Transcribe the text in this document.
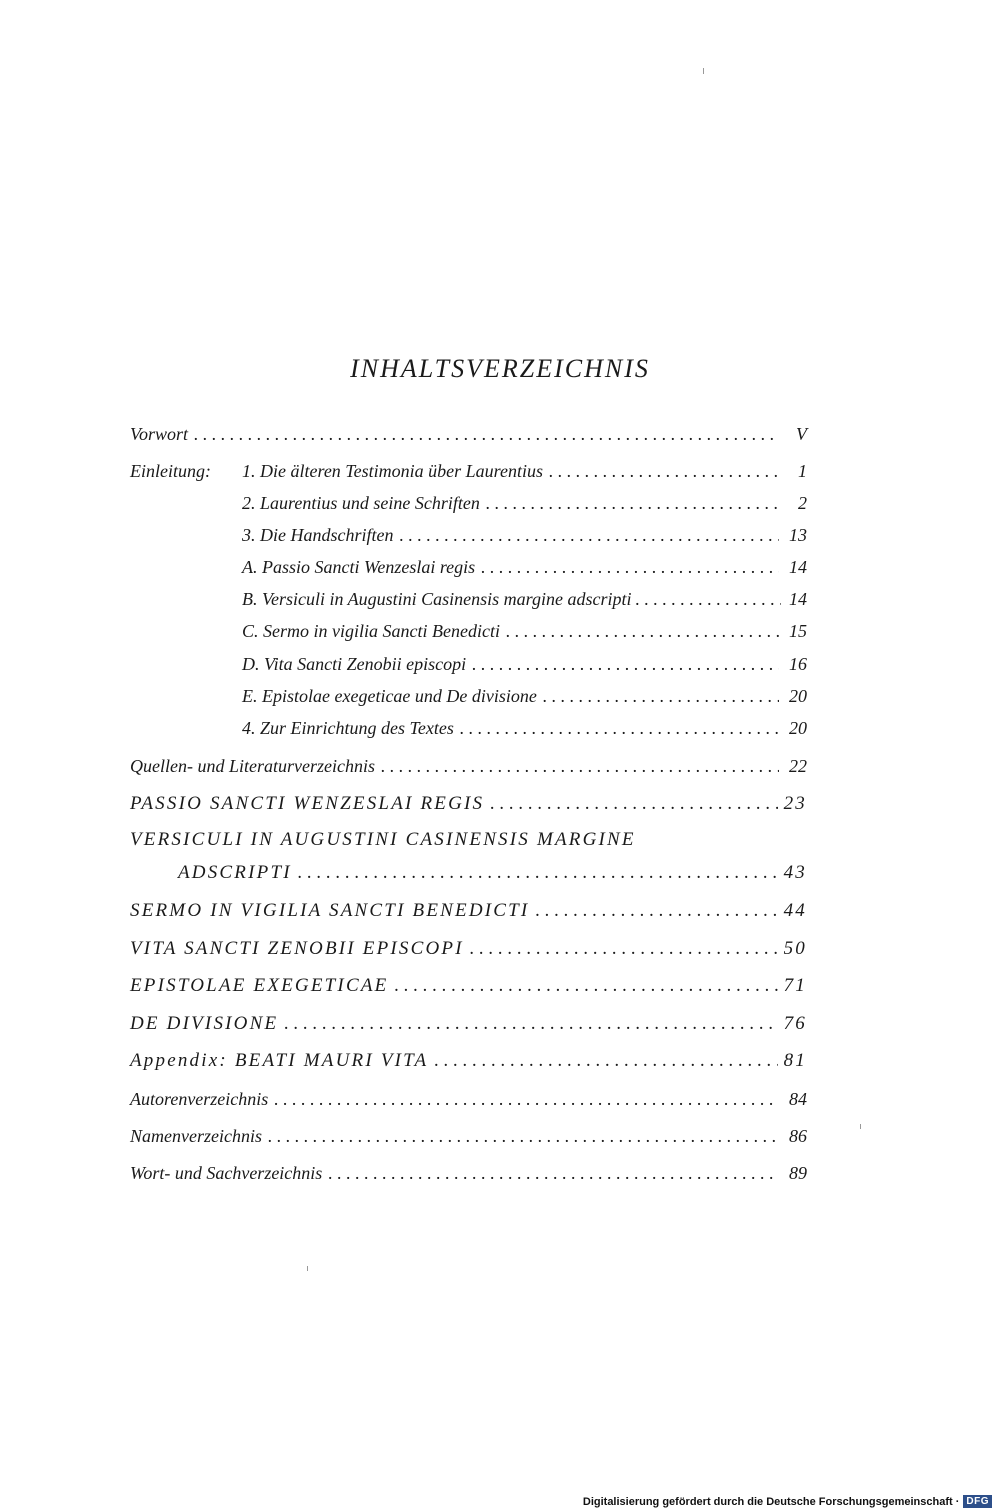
INHALTSVERZEICHNIS
Vorwort . . .	V
Einleitung:	1. Die älteren Testimonia über Laurentius . . .	1
2. Laurentius und seine Schriften . . .	2
3. Die Handschriften . . .	13
A. Passio Sancti Wenzeslai regis . . .	14
B. Versiculi in Augustini Casinensis margine adscripti . . .	14
C. Sermo in vigilia Sancti Benedicti . . .	15
D. Vita Sancti Zenobii episcopi . . .	16
E. Epistolae exegeticae und De divisione . . .	20
4. Zur Einrichtung des Textes . . .	20
Quellen- und Literaturverzeichnis . . .	22
PASSIO SANCTI WENZESLAI REGIS . . .	23
VERSICULI IN AUGUSTINI CASINENSIS MARGINE
ADSCRIPTI . . .	43
SERMO IN VIGILIA SANCTI BENEDICTI . . .	44
VITA SANCTI ZENOBII EPISCOPI . . .	50
EPISTOLAE EXEGETICAE . . .	71
DE DIVISIONE . . .	76
Appendix: BEATI MAURI VITA . . .	81
Autorenverzeichnis . . .	84
Namenverzeichnis . . .	86
Wort- und Sachverzeichnis . . .	89
Digitalisierung gefördert durch die Deutsche Forschungsgemeinschaft · DFG
